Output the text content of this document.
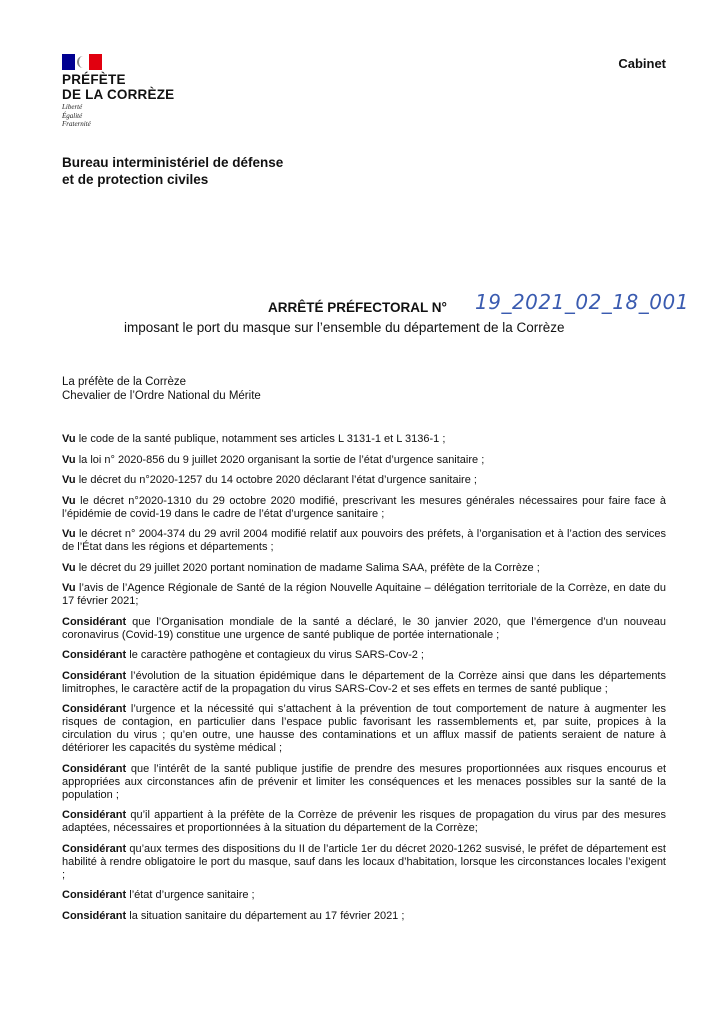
PRÉFÈTE
DE LA CORRÈZE
Liberté
Égalité
Fraternité
Cabinet
Bureau interministériel de défense
et de protection civiles
ARRÊTÉ PRÉFECTORAL N° 19_2021_02_18_001
imposant le port du masque sur l’ensemble du département de la Corrèze
La préfète de la Corrèze
Chevalier de l’Ordre National du Mérite
Vu le code de la santé publique, notamment ses articles L 3131-1 et L 3136-1 ;
Vu la loi n° 2020-856 du 9 juillet 2020 organisant la sortie de l’état d’urgence sanitaire ;
Vu le décret du n°2020-1257 du 14 octobre 2020 déclarant l’état d’urgence sanitaire ;
Vu le décret n°2020-1310 du 29 octobre 2020 modifié, prescrivant les mesures générales nécessaires pour faire face à l’épidémie de covid-19 dans le cadre de l’état d’urgence sanitaire ;
Vu le décret n° 2004-374 du 29 avril 2004 modifié relatif aux pouvoirs des préfets, à l’organisation et à l’action des services de l’État dans les régions et départements ;
Vu le décret du 29 juillet 2020 portant nomination de madame Salima SAA, préfète de la Corrèze ;
Vu l’avis de l’Agence Régionale de Santé de la région Nouvelle Aquitaine – délégation territoriale de la Corrèze, en date du 17 février 2021;
Considérant que l’Organisation mondiale de la santé a déclaré, le 30 janvier 2020, que l’émergence d’un nouveau coronavirus (Covid-19) constitue une urgence de santé publique de portée internationale ;
Considérant le caractère pathogène et contagieux du virus SARS-Cov-2 ;
Considérant l’évolution de la situation épidémique dans le département de la Corrèze ainsi que dans les départements limitrophes, le caractère actif de la propagation du virus SARS-Cov-2 et ses effets en termes de santé publique ;
Considérant l’urgence et la nécessité qui s’attachent à la prévention de tout comportement de nature à augmenter les risques de contagion, en particulier dans l’espace public favorisant les rassemblements et, par suite, propices à la circulation du virus ; qu’en outre, une hausse des contaminations et un afflux massif de patients seraient de nature à détériorer les capacités du système médical ;
Considérant que l’intérêt de la santé publique justifie de prendre des mesures proportionnées aux risques encourus et appropriées aux circonstances afin de prévenir et limiter les conséquences et les menaces possibles sur la santé de la population ;
Considérant qu’il appartient à la préfète de la Corrèze de prévenir les risques de propagation du virus par des mesures adaptées, nécessaires et proportionnées à la situation du département de la Corrèze;
Considérant qu’aux termes des dispositions du II de l’article 1er du décret 2020-1262 susvisé, le préfet de département est habilité à rendre obligatoire le port du masque, sauf dans les locaux d’habitation, lorsque les circonstances locales l’exigent ;
Considérant l’état d’urgence sanitaire ;
Considérant la situation sanitaire du département au 17 février 2021 ;
